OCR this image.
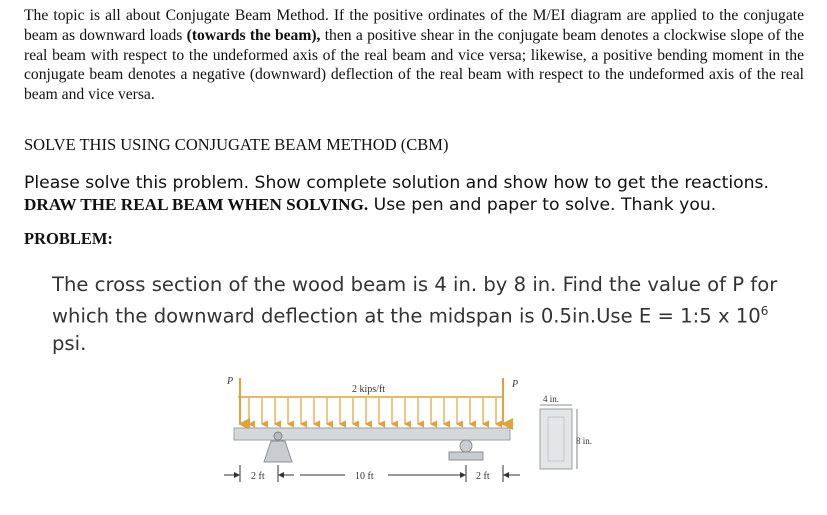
The topic is all about Conjugate Beam Method. If the positive ordinates of the M/EI diagram are applied to the conjugate beam as downward loads (towards the beam), then a positive shear in the conjugate beam denotes a clockwise slope of the real beam with respect to the undeformed axis of the real beam and vice versa; likewise, a positive bending moment in the conjugate beam denotes a negative (downward) deflection of the real beam with respect to the undeformed axis of the real beam and vice versa.

SOLVE THIS USING CONJUGATE BEAM METHOD (CBM)

Please solve this problem. Show complete solution and show how to get the reactions.
DRAW THE REAL BEAM WHEN SOLVING. Use pen and paper to solve. Thank you.

PROBLEM:

The cross section of the wood beam is 4 in. by 8 in. Find the value of P for which the downward deflection at the midspan is 0.5in.Use E = 1:5 x $10^6$
psi.

2 kips/ft
P	P
2 ft	10 ft	2 ft
4 in.
8 in.
